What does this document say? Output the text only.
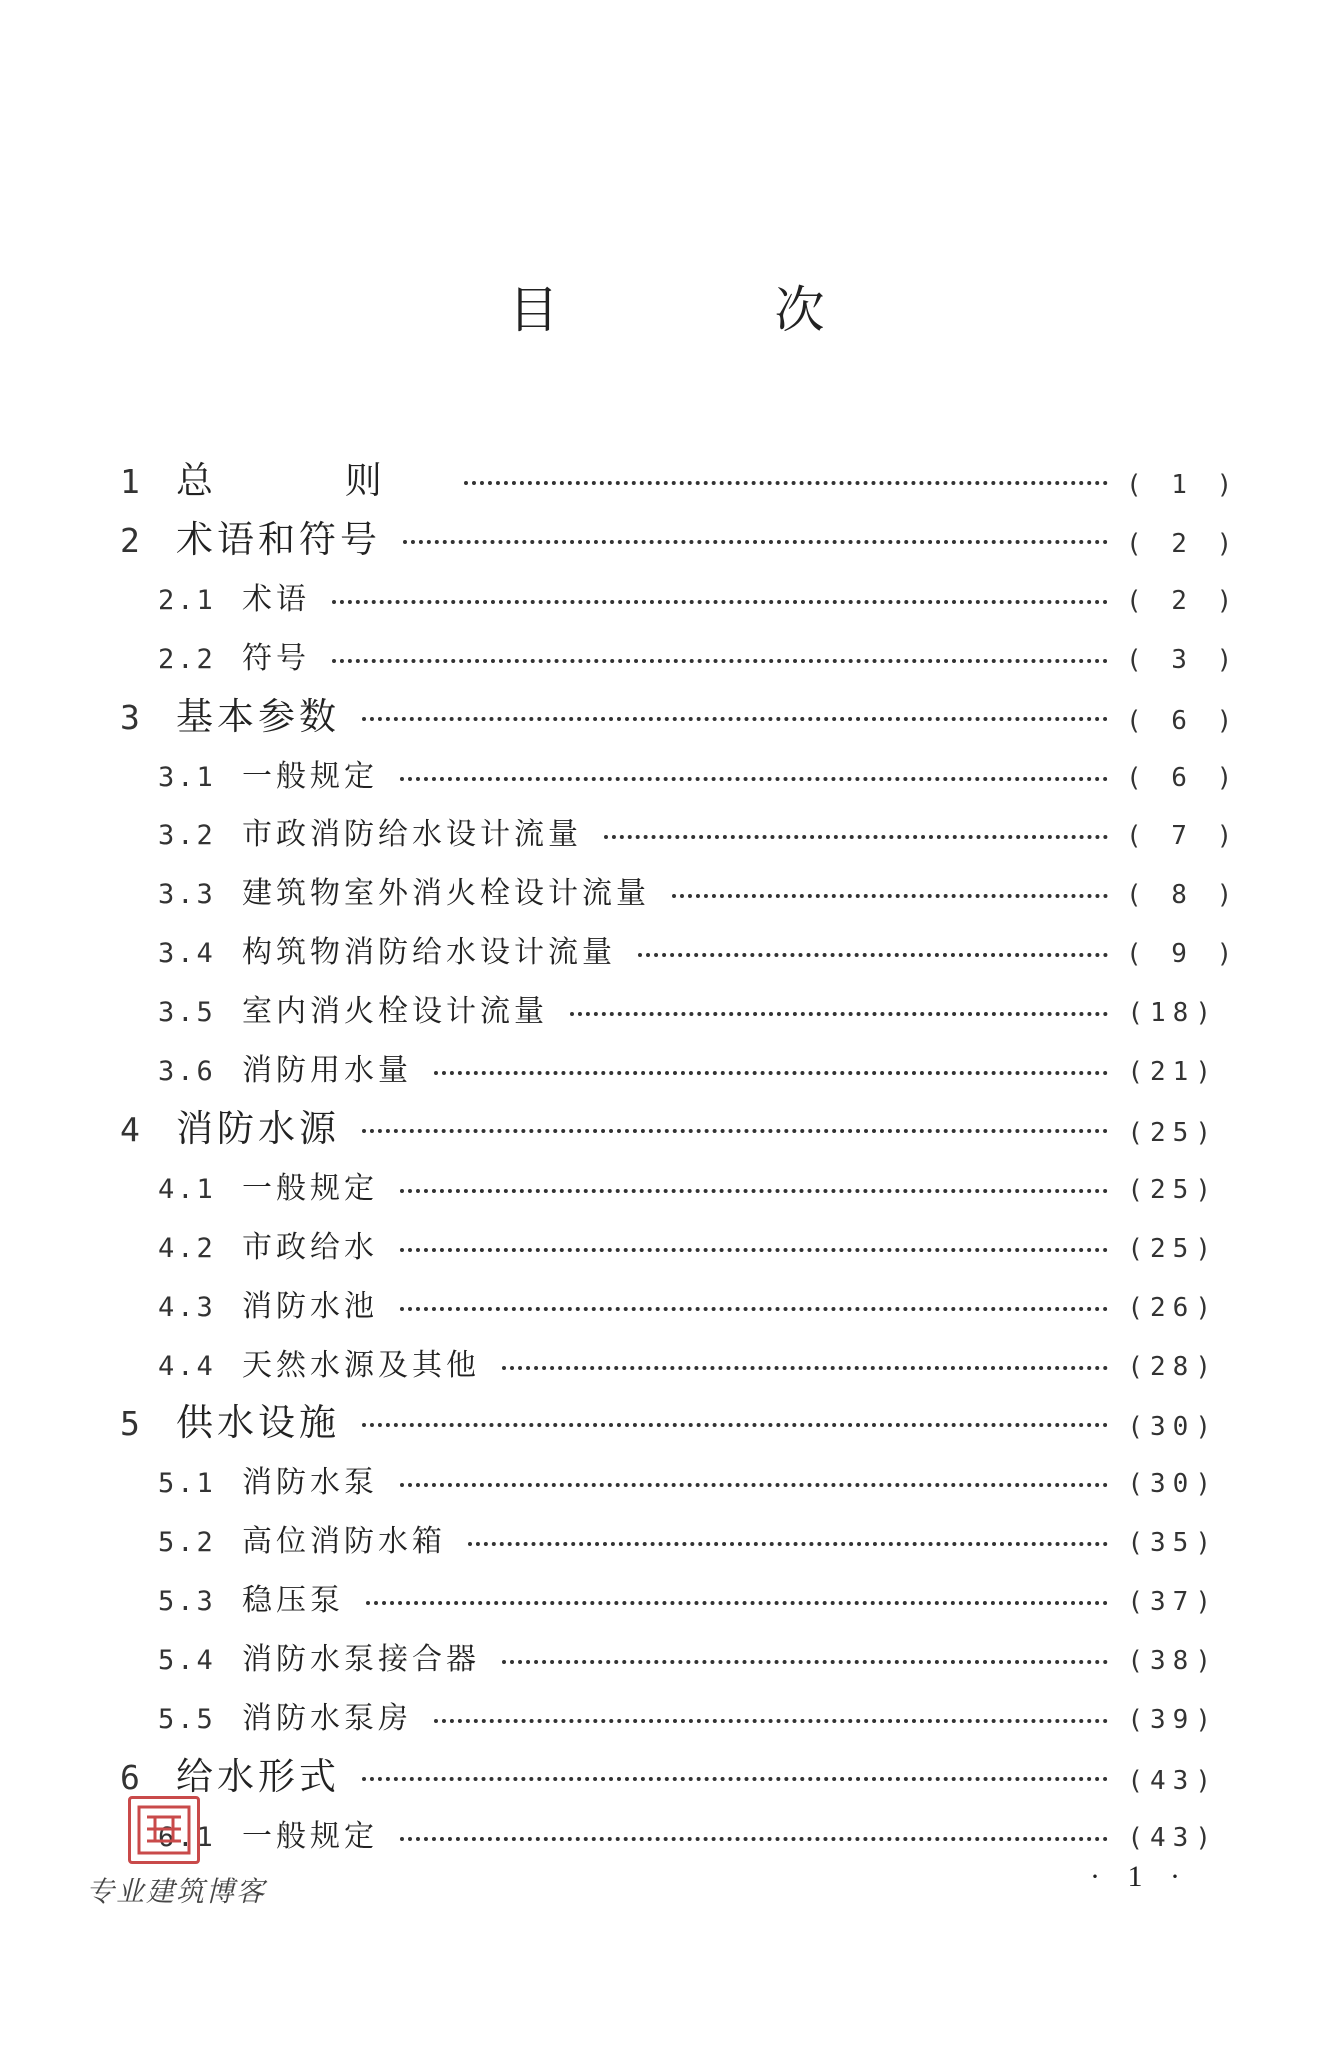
目 次
1 总 则	( 1 )
2 术语和符号	( 2 )
2.1 术语	( 2 )
2.2 符号	( 3 )
3 基本参数	( 6 )
3.1 一般规定	( 6 )
3.2 市政消防给水设计流量	( 7 )
3.3 建筑物室外消火栓设计流量	( 8 )
3.4 构筑物消防给水设计流量	( 9 )
3.5 室内消火栓设计流量	(18)
3.6 消防用水量	(21)
4 消防水源	(25)
4.1 一般规定	(25)
4.2 市政给水	(25)
4.3 消防水池	(26)
4.4 天然水源及其他	(28)
5 供水设施	(30)
5.1 消防水泵	(30)
5.2 高位消防水箱	(35)
5.3 稳压泵	(37)
5.4 消防水泵接合器	(38)
5.5 消防水泵房	(39)
6 给水形式	(43)
6.1 一般规定	(43)
专业建筑博客	· 1 ·
